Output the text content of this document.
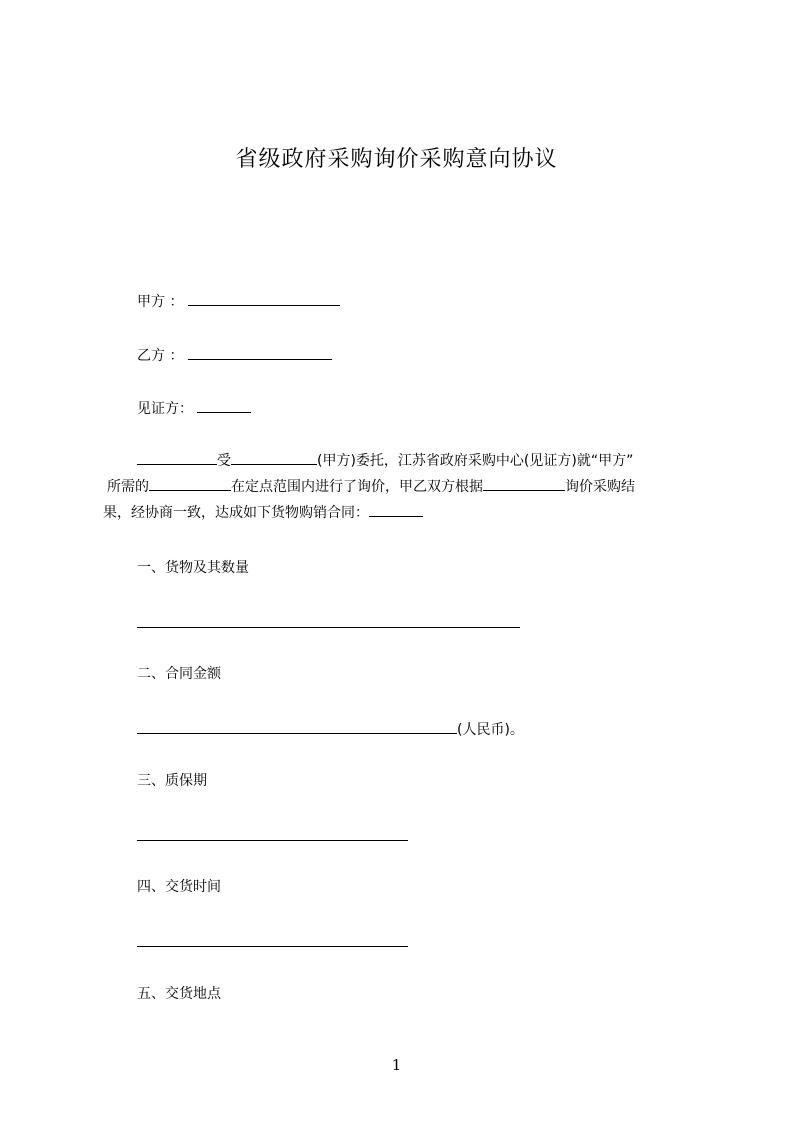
省级政府采购询价采购意向协议
甲方 ：
乙方 ：
见证方：
受	(甲方)委托，江苏省政府采购中心(见证方)就“甲方”
所需的	在定点范围内进行了询价，甲乙双方根据	询价采购结
果，经协商一致，达成如下货物购销合同：
一、货物及其数量
二、合同金额
(人民币)。
三、质保期
四、交货时间
五、交货地点
1
